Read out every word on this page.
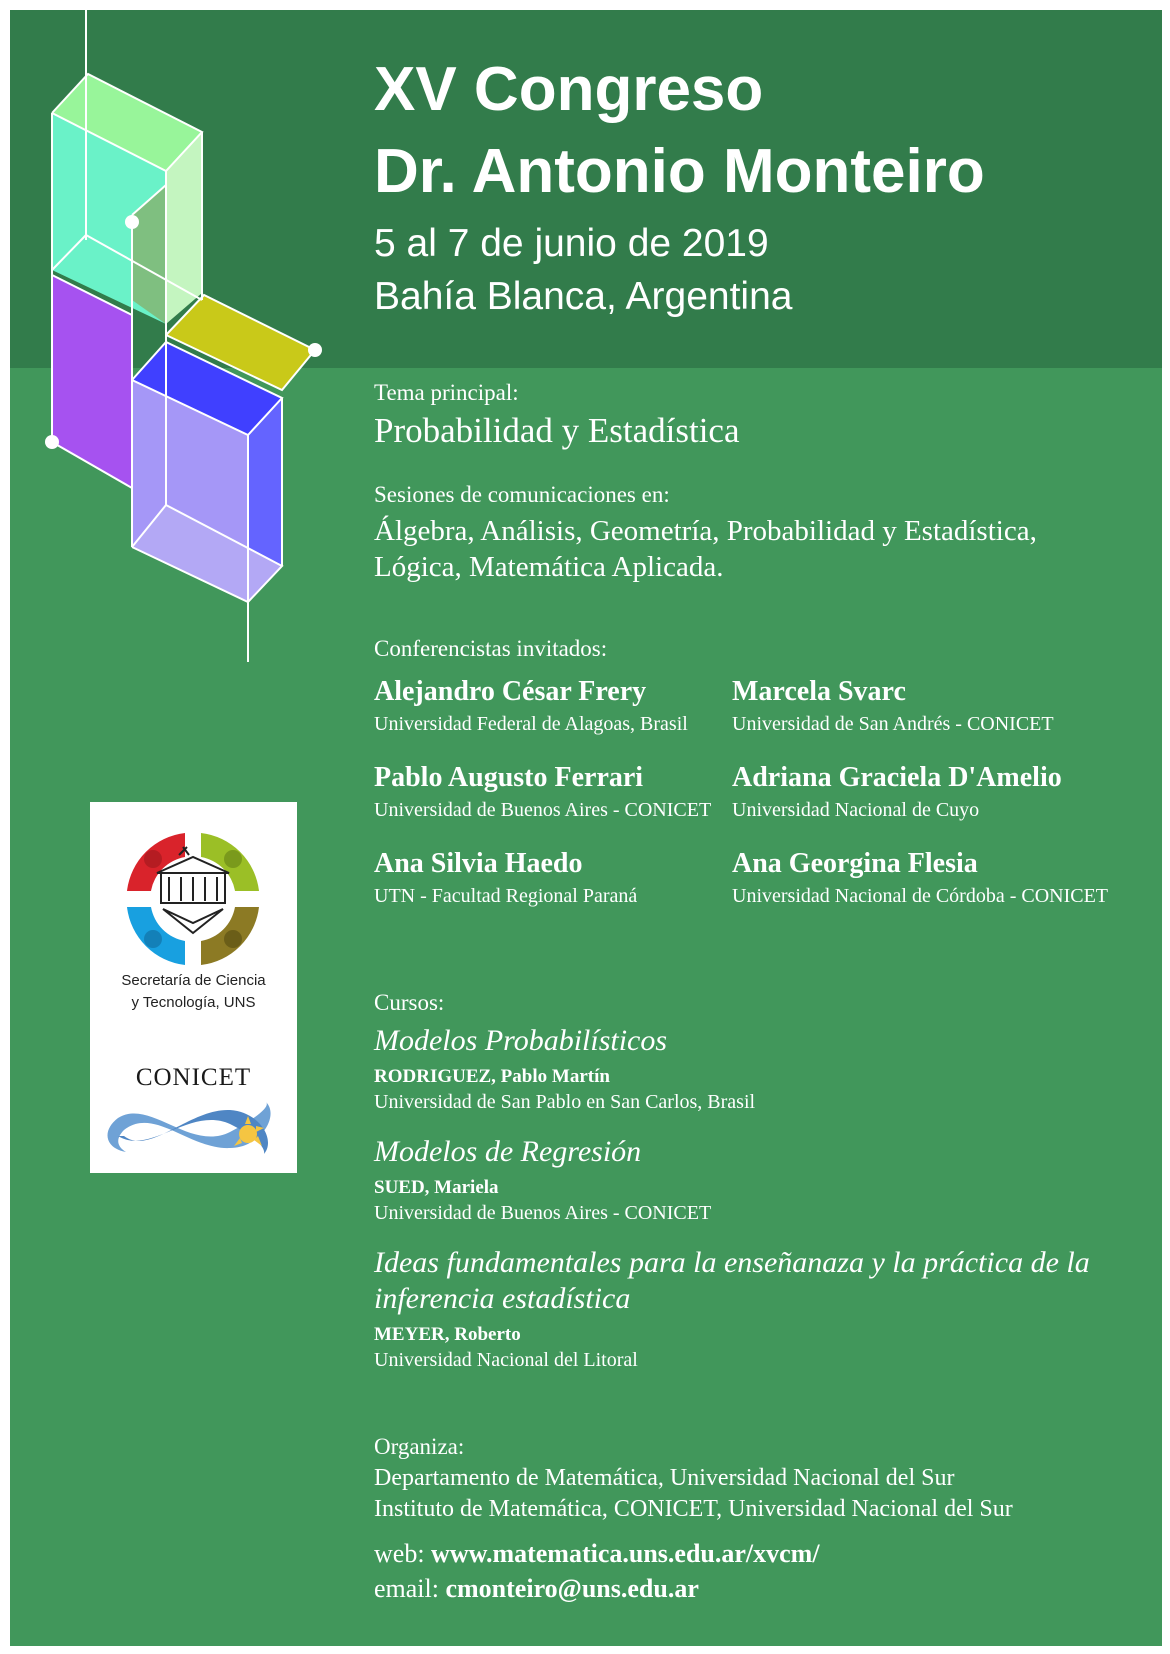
XV Congreso
Dr. Antonio Monteiro
5 al 7 de junio de 2019
Bahía Blanca, Argentina
Tema principal:
Probabilidad y Estadística
Sesiones de comunicaciones en:
Álgebra, Análisis, Geometría, Probabilidad y Estadística,
Lógica, Matemática Aplicada.
Conferencistas invitados:
Alejandro César Frery
Universidad Federal de Alagoas, Brasil
Marcela Svarc
Universidad de San Andrés - CONICET
Pablo Augusto Ferrari
Universidad de Buenos Aires - CONICET
Adriana Graciela D'Amelio
Universidad Nacional de Cuyo
Ana Silvia Haedo
UTN - Facultad Regional Paraná
Ana Georgina Flesia
Universidad Nacional de Córdoba - CONICET
Cursos:
Modelos Probabilísticos
RODRIGUEZ, Pablo Martín
Universidad de San Pablo en San Carlos, Brasil
Modelos de Regresión
SUED, Mariela
Universidad de Buenos Aires - CONICET
Ideas fundamentales para la enseñanaza y la práctica de la
inferencia estadística
MEYER, Roberto
Universidad Nacional del Litoral
Organiza:
Departamento de Matemática, Universidad Nacional del Sur
Instituto de Matemática, CONICET, Universidad Nacional del Sur
web: www.matematica.uns.edu.ar/xvcm/
email: cmonteiro@uns.edu.ar
Secretaría de Ciencia
y Tecnología, UNS
CONICET
